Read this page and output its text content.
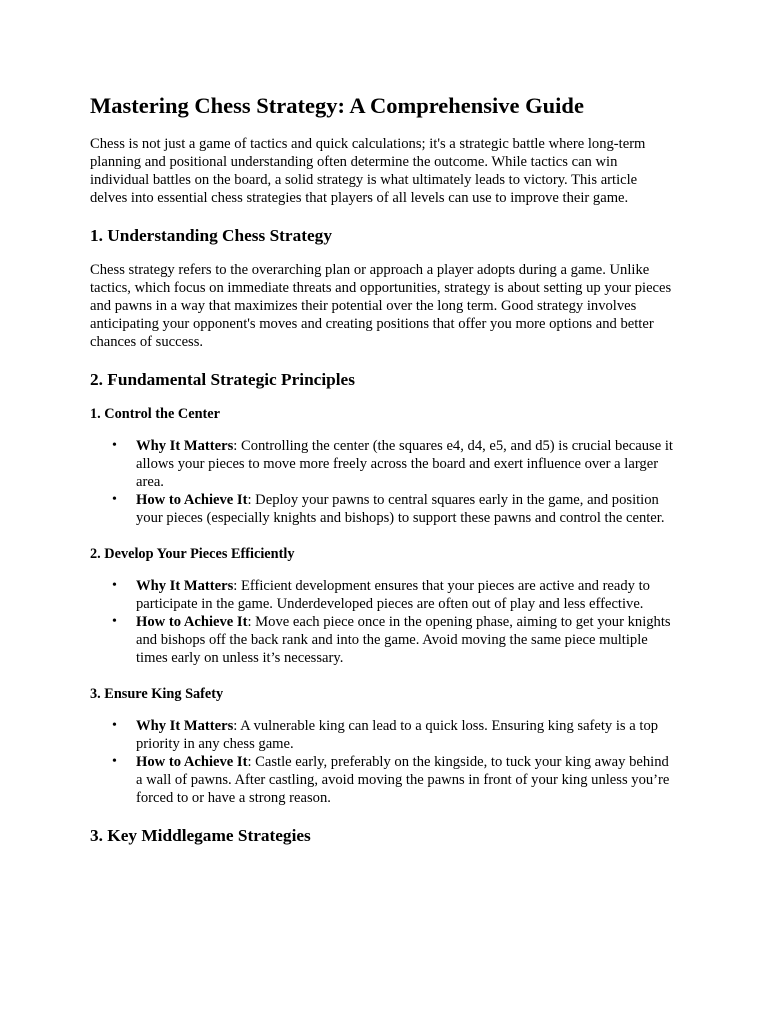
Mastering Chess Strategy: A Comprehensive Guide

Chess is not just a game of tactics and quick calculations; it's a strategic battle where long-term planning and positional understanding often determine the outcome. While tactics can win individual battles on the board, a solid strategy is what ultimately leads to victory. This article delves into essential chess strategies that players of all levels can use to improve their game.

1. Understanding Chess Strategy

Chess strategy refers to the overarching plan or approach a player adopts during a game. Unlike tactics, which focus on immediate threats and opportunities, strategy is about setting up your pieces and pawns in a way that maximizes their potential over the long term. Good strategy involves anticipating your opponent's moves and creating positions that offer you more options and better chances of success.

2. Fundamental Strategic Principles
1. Control the Center
• Why It Matters: Controlling the center (the squares e4, d4, e5, and d5) is crucial because it allows your pieces to move more freely across the board and exert influence over a larger area.
• How to Achieve It: Deploy your pawns to central squares early in the game, and position your pieces (especially knights and bishops) to support these pawns and control the center.
2. Develop Your Pieces Efficiently
• Why It Matters: Efficient development ensures that your pieces are active and ready to participate in the game. Underdeveloped pieces are often out of play and less effective.
• How to Achieve It: Move each piece once in the opening phase, aiming to get your knights and bishops off the back rank and into the game. Avoid moving the same piece multiple times early on unless it’s necessary.
3. Ensure King Safety
• Why It Matters: A vulnerable king can lead to a quick loss. Ensuring king safety is a top priority in any chess game.
• How to Achieve It: Castle early, preferably on the kingside, to tuck your king away behind a wall of pawns. After castling, avoid moving the pawns in front of your king unless you’re forced to or have a strong reason.
3. Key Middlegame Strategies
